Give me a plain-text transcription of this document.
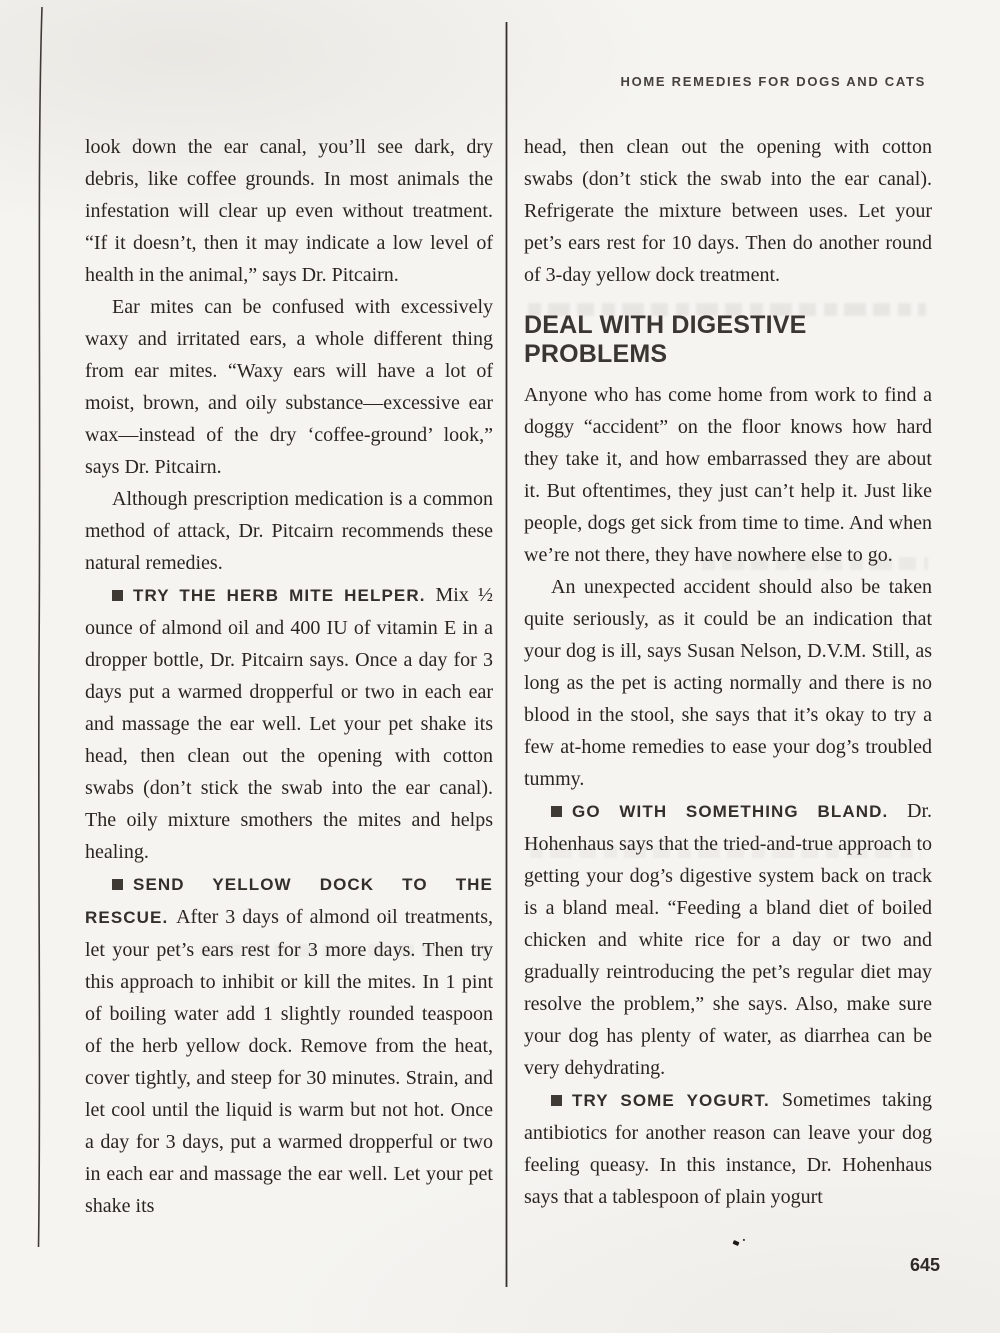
HOME REMEDIES FOR DOGS AND CATS

look down the ear canal, you’ll see dark, dry debris, like coffee grounds. In most animals the infestation will clear up even without treatment. “If it doesn’t, then it may indicate a low level of health in the animal,” says Dr. Pitcairn.

Ear mites can be confused with excessively waxy and irritated ears, a whole different thing from ear mites. “Waxy ears will have a lot of moist, brown, and oily substance—excessive ear wax—instead of the dry ‘coffee-ground’ look,” says Dr. Pitcairn.

Although prescription medication is a common method of attack, Dr. Pitcairn recommends these natural remedies.

TRY THE HERB MITE HELPER. Mix ½ ounce of almond oil and 400 IU of vitamin E in a dropper bottle, Dr. Pitcairn says. Once a day for 3 days put a warmed dropperful or two in each ear and massage the ear well. Let your pet shake its head, then clean out the opening with cotton swabs (don’t stick the swab into the ear canal). The oily mixture smothers the mites and helps healing.

SEND YELLOW DOCK TO THE RESCUE. After 3 days of almond oil treatments, let your pet’s ears rest for 3 more days. Then try this approach to inhibit or kill the mites. In 1 pint of boiling water add 1 slightly rounded teaspoon of the herb yellow dock. Remove from the heat, cover tightly, and steep for 30 minutes. Strain, and let cool until the liquid is warm but not hot. Once a day for 3 days, put a warmed dropperful or two in each ear and massage the ear well. Let your pet shake its

head, then clean out the opening with cotton swabs (don’t stick the swab into the ear canal). Refrigerate the mixture between uses. Let your pet’s ears rest for 10 days. Then do another round of 3-day yellow dock treatment.

DEAL WITH DIGESTIVE PROBLEMS

Anyone who has come home from work to find a doggy “accident” on the floor knows how hard they take it, and how embarrassed they are about it. But oftentimes, they just can’t help it. Just like people, dogs get sick from time to time. And when we’re not there, they have nowhere else to go.

An unexpected accident should also be taken quite seriously, as it could be an indication that your dog is ill, says Susan Nelson, D.V.M. Still, as long as the pet is acting normally and there is no blood in the stool, she says that it’s okay to try a few at-home remedies to ease your dog’s troubled tummy.

GO WITH SOMETHING BLAND. Dr. Hohenhaus says that the tried-and-true approach to getting your dog’s digestive system back on track is a bland meal. “Feeding a bland diet of boiled chicken and white rice for a day or two and gradually reintroducing the pet’s regular diet may resolve the problem,” she says. Also, make sure your dog has plenty of water, as diarrhea can be very dehydrating.

TRY SOME YOGURT. Sometimes taking antibiotics for another reason can leave your dog feeling queasy. In this instance, Dr. Hohenhaus says that a tablespoon of plain yogurt

645
